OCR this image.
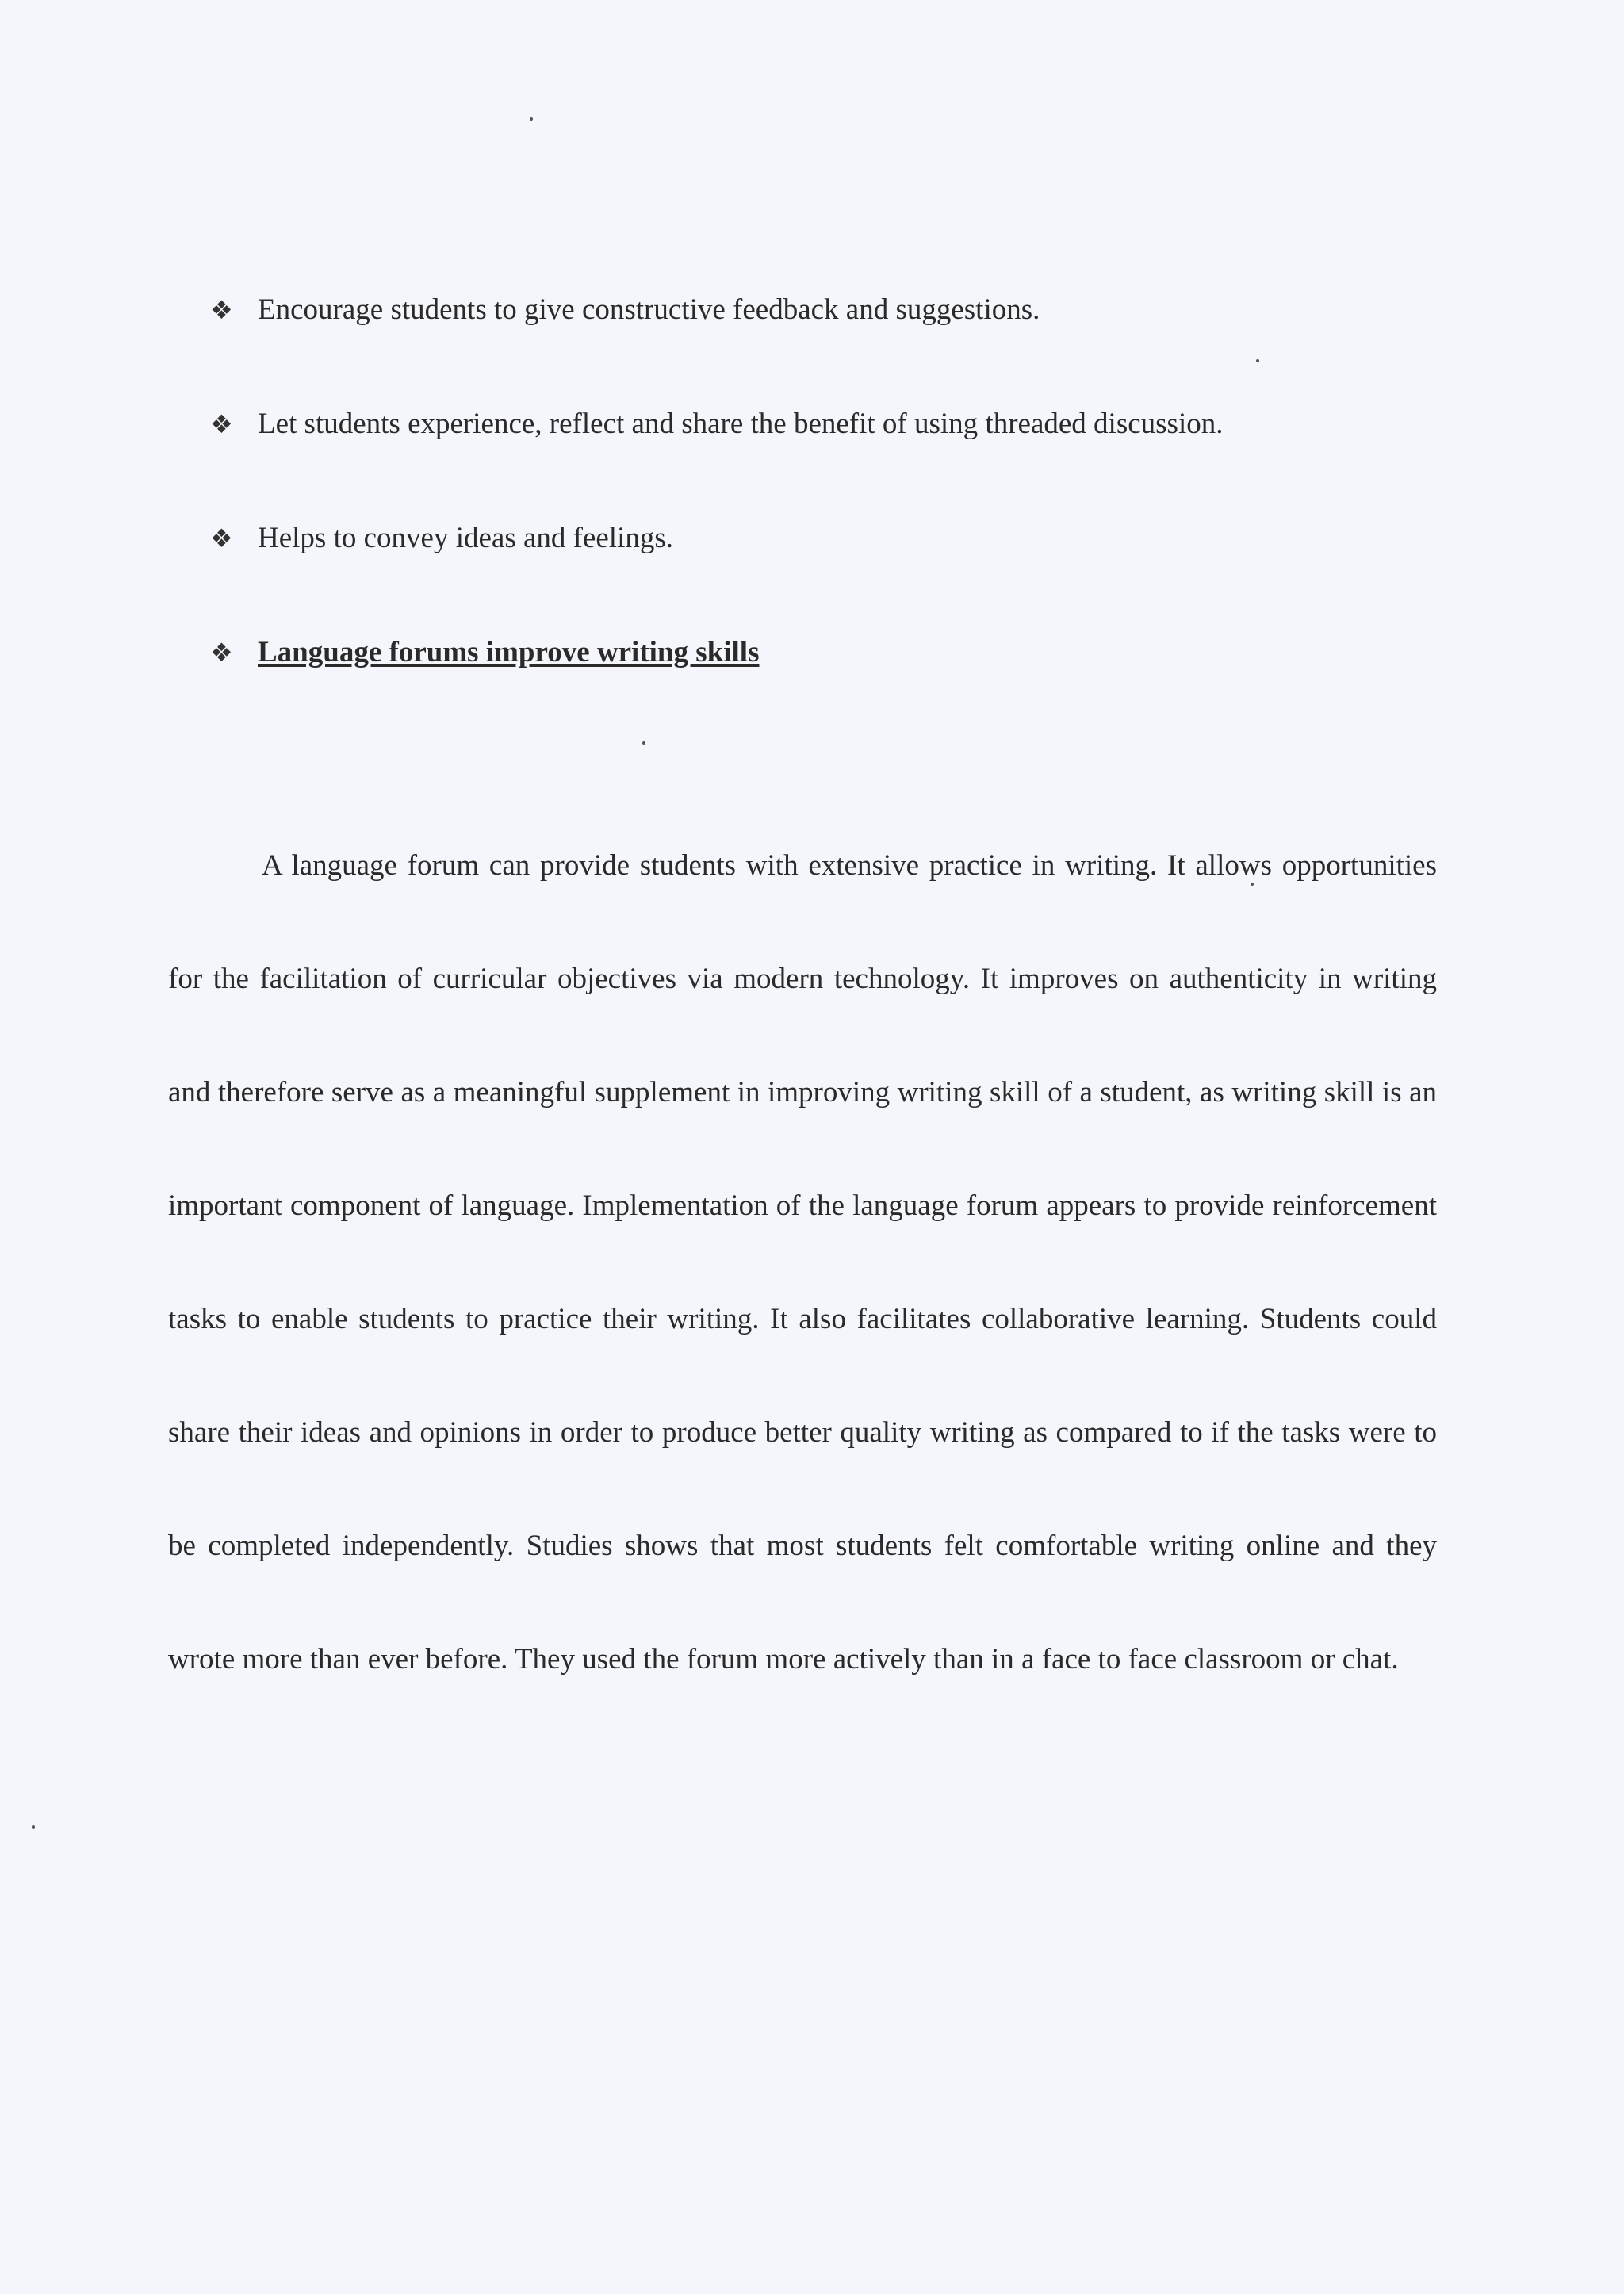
❖ Encourage students to give constructive feedback and suggestions.
❖ Let students experience, reflect and share the benefit of using threaded discussion.
❖ Helps to convey ideas and feelings.
❖ Language forums improve writing skills

A language forum can provide students with extensive practice in writing. It allows opportunities for the facilitation of curricular objectives via modern technology. It improves on authenticity in writing and therefore serve as a meaningful supplement in improving writing skill of a student, as writing skill is an important component of language. Implementation of the language forum appears to provide reinforcement tasks to enable students to practice their writing. It also facilitates collaborative learning. Students could share their ideas and opinions in order to produce better quality writing as compared to if the tasks were to be completed independently. Studies shows that most students felt comfortable writing online and they wrote more than ever before. They used the forum more actively than in a face to face classroom or chat.
